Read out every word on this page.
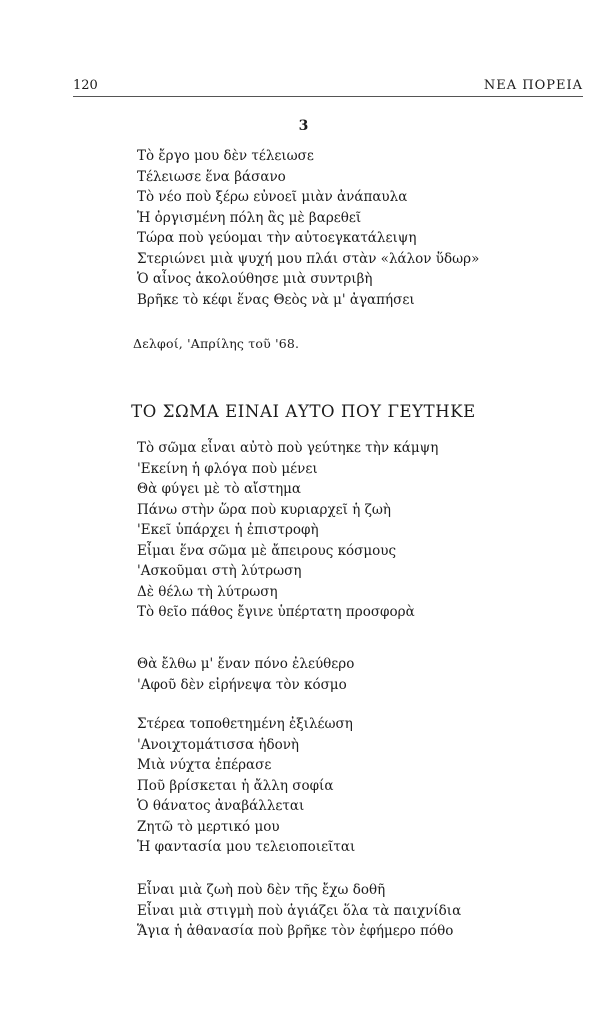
120	ΝΕΑ ΠΟΡΕΙΑ
3
Τὸ ἔργο μου δὲν τέλειωσε
Τέλειωσε ἕνα βάσανο
Τὸ νέο ποὺ ξέρω εὐνοεῖ μιὰν ἀνάπαυλα
Ἡ ὀργισμένη πόλη ἂς μὲ βαρεθεῖ
Τώρα ποὺ γεύομαι τὴν αὐτοεγκατάλειψη
Στεριώνει μιὰ ψυχή μου πλάι στὰν «λάλον ὕδωρ»
Ὁ αἶνος ἀκολούθησε μιὰ συντριβὴ
Βρῆκε τὸ κέφι ἕνας Θεὸς νὰ μ' ἀγαπήσει
Δελφοί, 'Απρίλης τοῦ '68.
ΤΟ ΣΩΜΑ ΕΙΝΑΙ ΑΥΤΟ ΠΟΥ ΓΕΥΤΗΚΕ
Τὸ σῶμα εἶναι αὐτὸ ποὺ γεύτηκε τὴν κάμψη
'Εκείνη ἡ φλόγα ποὺ μένει
Θὰ φύγει μὲ τὸ αἴστημα
Πάνω στὴν ὥρα ποὺ κυριαρχεῖ ἡ ζωὴ
'Εκεῖ ὑπάρχει ἡ ἐπιστροφὴ
Εἶμαι ἕνα σῶμα μὲ ἄπειρους κόσμους
'Ασκοῦμαι στὴ λύτρωση
Δὲ θέλω τὴ λύτρωση
Τὸ θεῖο πάθος ἔγινε ὑπέρτατη προσφορὰ
Θὰ ἔλθω μ' ἕναν πόνο ἐλεύθερο
'Αφοῦ δὲν εἰρήνεψα τὸν κόσμο
Στέρεα τοποθετημένη ἐξιλέωση
'Ανοιχτομάτισσα ἡδονὴ
Μιὰ νύχτα ἐπέρασε
Ποῦ βρίσκεται ἡ ἄλλη σοφία
Ὁ θάνατος ἀναβάλλεται
Ζητῶ τὸ μερτικό μου
Ἡ φαντασία μου τελειοποιεῖται
Εἶναι μιὰ ζωὴ ποὺ δὲν τῆς ἔχω δοθῆ
Εἶναι μιὰ στιγμὴ ποὺ ἁγιάζει ὅλα τὰ παιχνίδια
Ἅγια ἡ ἀθανασία ποὺ βρῆκε τὸν ἐφήμερο πόθο
